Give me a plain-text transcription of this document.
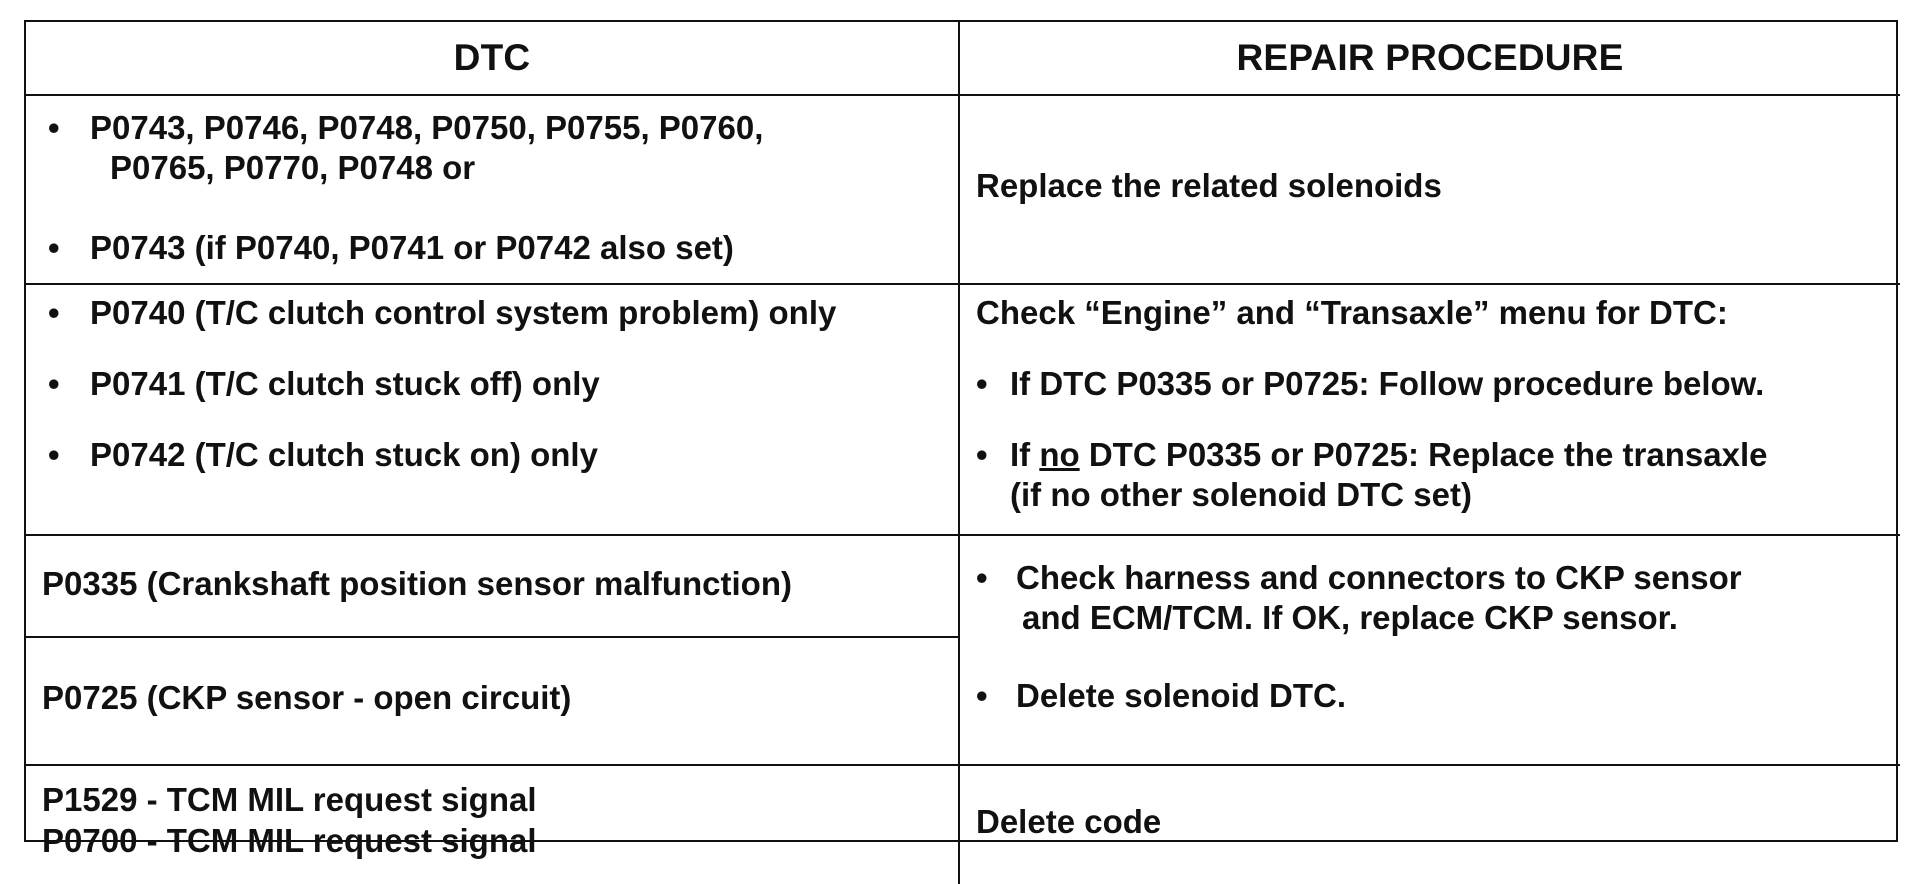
DTC	REPAIR PROCEDURE
• P0743, P0746, P0748, P0750, P0755, P0760,
P0765, P0770, P0748 or
• P0743 (if P0740, P0741 or P0742 also set)
Replace the related solenoids
• P0740 (T/C clutch control system problem) only
• P0741 (T/C clutch stuck off) only
• P0742 (T/C clutch stuck on) only
Check “Engine” and “Transaxle” menu for DTC:
• If DTC P0335 or P0725: Follow procedure below.
• If no DTC P0335 or P0725: Replace the transaxle
(if no other solenoid DTC set)
P0335 (Crankshaft position sensor malfunction)
P0725 (CKP sensor - open circuit)
• Check harness and connectors to CKP sensor
and ECM/TCM. If OK, replace CKP sensor.
• Delete solenoid DTC.
P1529 - TCM MIL request signal
P0700 - TCM MIL request signal
Delete code
